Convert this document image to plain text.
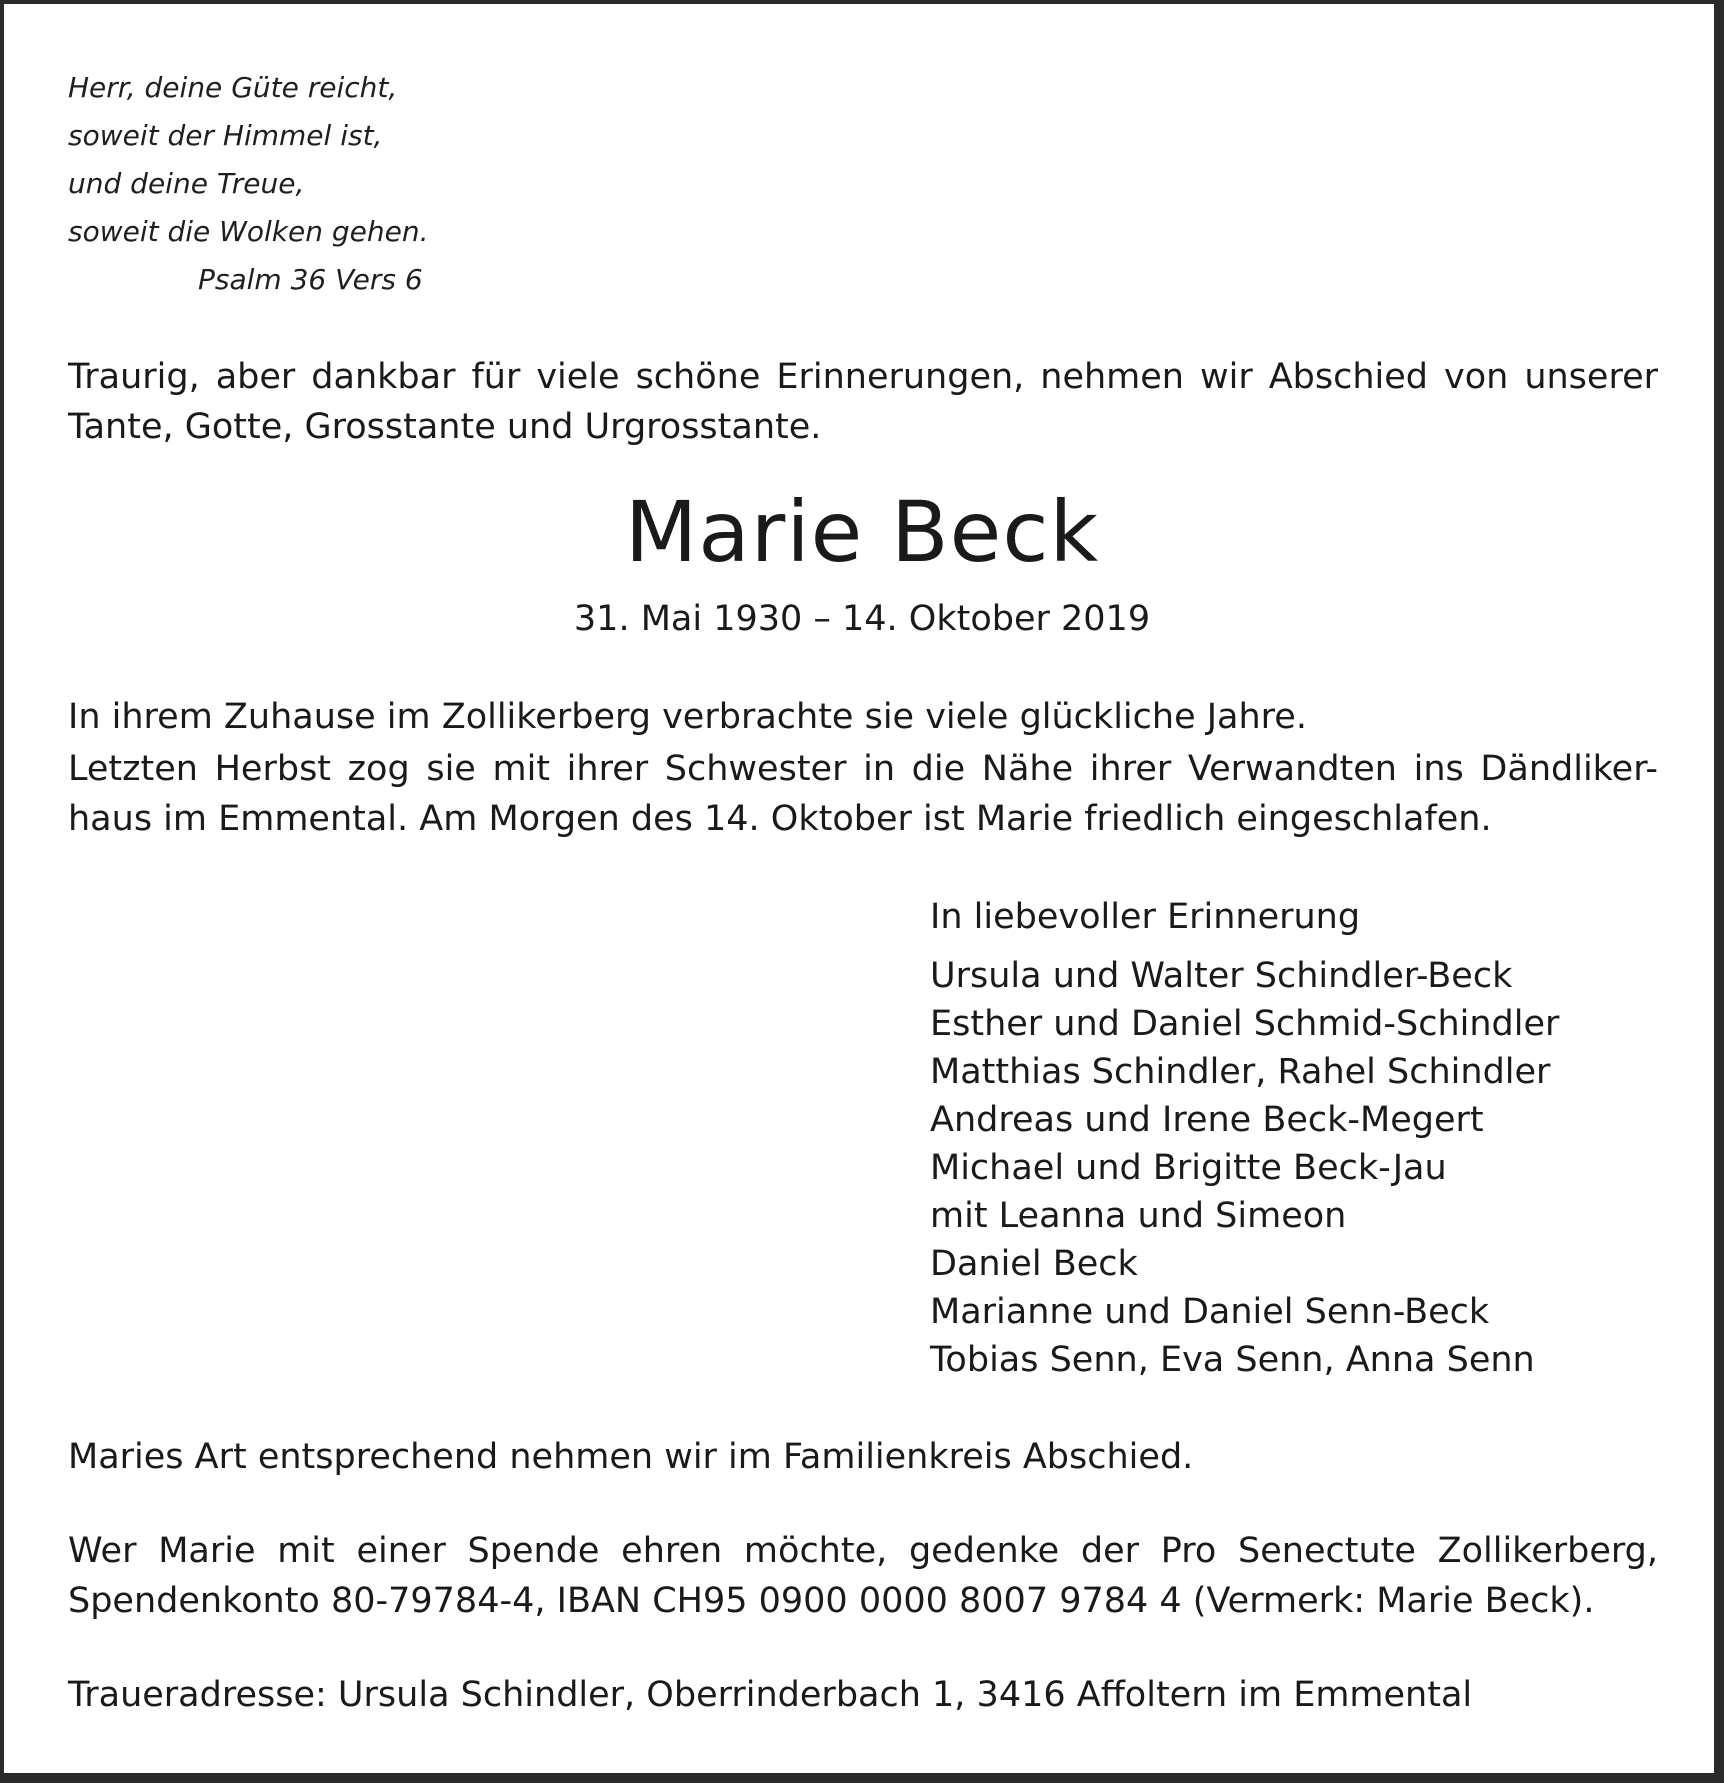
Herr, deine Güte reicht,
soweit der Himmel ist,
und deine Treue,
soweit die Wolken gehen.
Psalm 36 Vers 6
Traurig, aber dankbar für viele schöne Erinnerungen, nehmen wir Abschied von unserer
Tante, Gotte, Grosstante und Urgrosstante.
Marie Beck
31. Mai 1930 – 14. Oktober 2019
In ihrem Zuhause im Zollikerberg verbrachte sie viele glückliche Jahre.
Letzten Herbst zog sie mit ihrer Schwester in die Nähe ihrer Verwandten ins Dändliker-
haus im Emmental. Am Morgen des 14. Oktober ist Marie friedlich eingeschlafen.
In liebevoller Erinnerung
Ursula und Walter Schindler-Beck
Esther und Daniel Schmid-Schindler
Matthias Schindler, Rahel Schindler
Andreas und Irene Beck-Megert
Michael und Brigitte Beck-Jau
mit Leanna und Simeon
Daniel Beck
Marianne und Daniel Senn-Beck
Tobias Senn, Eva Senn, Anna Senn
Maries Art entsprechend nehmen wir im Familienkreis Abschied.
Wer Marie mit einer Spende ehren möchte, gedenke der Pro Senectute Zollikerberg,
Spendenkonto 80-79784-4, IBAN CH95 0900 0000 8007 9784 4 (Vermerk: Marie Beck).
Traueradresse: Ursula Schindler, Oberrinderbach 1, 3416 Affoltern im Emmental
